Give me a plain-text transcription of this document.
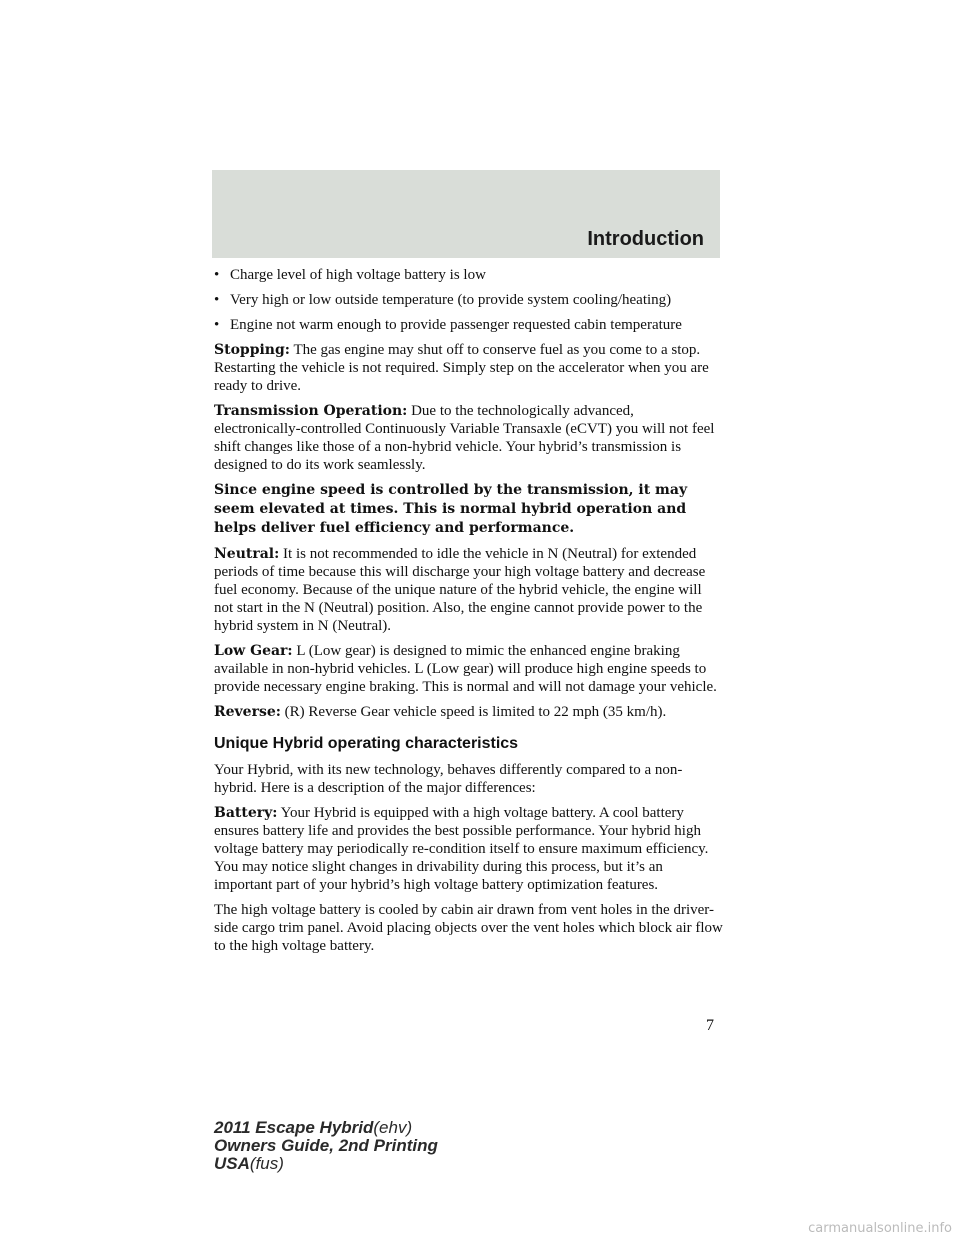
Introduction
• Charge level of high voltage battery is low
• Very high or low outside temperature (to provide system cooling/heating)
• Engine not warm enough to provide passenger requested cabin temperature

Stopping: The gas engine may shut off to conserve fuel as you come to a stop. Restarting the vehicle is not required. Simply step on the accelerator when you are ready to drive.

Transmission Operation: Due to the technologically advanced, electronically-controlled Continuously Variable Transaxle (eCVT) you will not feel shift changes like those of a non-hybrid vehicle. Your hybrid’s transmission is designed to do its work seamlessly.

Since engine speed is controlled by the transmission, it may seem elevated at times. This is normal hybrid operation and helps deliver fuel efficiency and performance.

Neutral: It is not recommended to idle the vehicle in N (Neutral) for extended periods of time because this will discharge your high voltage battery and decrease fuel economy. Because of the unique nature of the hybrid vehicle, the engine will not start in the N (Neutral) position. Also, the engine cannot provide power to the hybrid system in N (Neutral).

Low Gear: L (Low gear) is designed to mimic the enhanced engine braking available in non-hybrid vehicles. L (Low gear) will produce high engine speeds to provide necessary engine braking. This is normal and will not damage your vehicle.

Reverse: (R) Reverse Gear vehicle speed is limited to 22 mph (35 km/h).

Unique Hybrid operating characteristics

Your Hybrid, with its new technology, behaves differently compared to a non-hybrid. Here is a description of the major differences:

Battery: Your Hybrid is equipped with a high voltage battery. A cool battery ensures battery life and provides the best possible performance. Your hybrid high voltage battery may periodically re-condition itself to ensure maximum efficiency. You may notice slight changes in drivability during this process, but it’s an important part of your hybrid’s high voltage battery optimization features.

The high voltage battery is cooled by cabin air drawn from vent holes in the driver-side cargo trim panel. Avoid placing objects over the vent holes which block air flow to the high voltage battery.

7
2011 Escape Hybrid(ehv)
Owners Guide, 2nd Printing
USA(fus)
carmanualsonline.info
